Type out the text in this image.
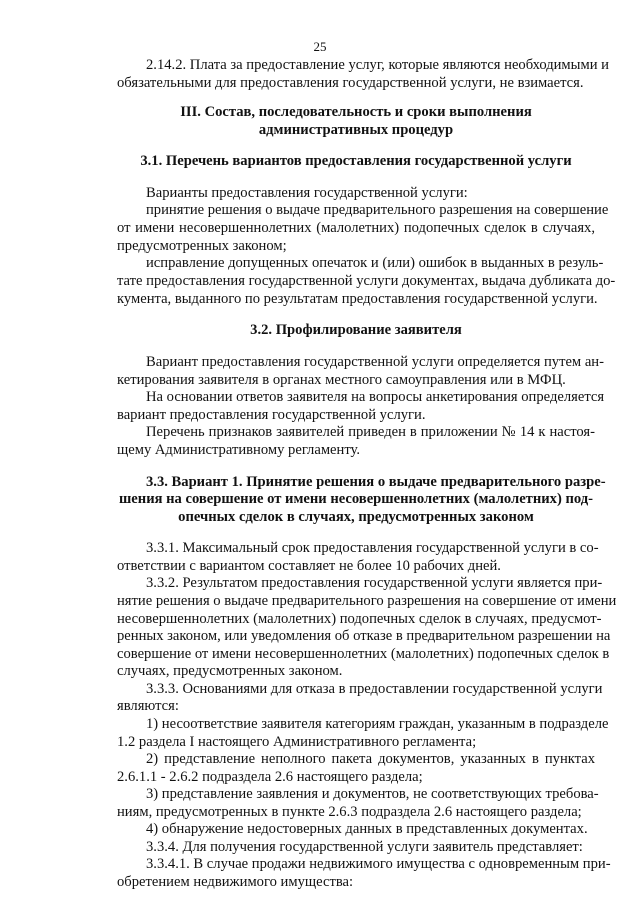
25
2.14.2. Плата за предоставление услуг, которые являются необходимыми и
обязательными для предоставления государственной услуги, не взимается.
III. Состав, последовательность и сроки выполнения
административных процедур
3.1. Перечень вариантов предоставления государственной услуги
Варианты предоставления государственной услуги:
принятие решения о выдаче предварительного разрешения на совершение
от имени несовершеннолетних (малолетних) подопечных сделок в случаях,
предусмотренных законом;
исправление допущенных опечаток и (или) ошибок в выданных в резуль-
тате предоставления государственной услуги документах, выдача дубликата до-
кумента, выданного по результатам предоставления государственной услуги.
3.2. Профилирование заявителя
Вариант предоставления государственной услуги определяется путем ан-
кетирования заявителя в органах местного самоуправления или в МФЦ.
На основании ответов заявителя на вопросы анкетирования определяется
вариант предоставления государственной услуги.
Перечень признаков заявителей приведен в приложении № 14 к настоя-
щему Административному регламенту.
3.3. Вариант 1. Принятие решения о выдаче предварительного разре-
шения на совершение от имени несовершеннолетних (малолетних) под-
опечных сделок в случаях, предусмотренных законом
3.3.1. Максимальный срок предоставления государственной услуги в со-
ответствии с вариантом составляет не более 10 рабочих дней.
3.3.2. Результатом предоставления государственной услуги является при-
нятие решения о выдаче предварительного разрешения на совершение от имени
несовершеннолетних (малолетних) подопечных сделок в случаях, предусмот-
ренных законом, или уведомления об отказе в предварительном разрешении на
совершение от имени несовершеннолетних (малолетних) подопечных сделок в
случаях, предусмотренных законом.
3.3.3. Основаниями для отказа в предоставлении государственной услуги
являются:
1) несоответствие заявителя категориям граждан, указанным в подразделе
1.2 раздела I настоящего Административного регламента;
2) представление неполного пакета документов, указанных в пунктах
2.6.1.1 - 2.6.2 подраздела 2.6 настоящего раздела;
3) представление заявления и документов, не соответствующих требова-
ниям, предусмотренных в пункте 2.6.3 подраздела 2.6 настоящего раздела;
4) обнаружение недостоверных данных в представленных документах.
3.3.4. Для получения государственной услуги заявитель представляет:
3.3.4.1. В случае продажи недвижимого имущества с одновременным при-
обретением недвижимого имущества:
